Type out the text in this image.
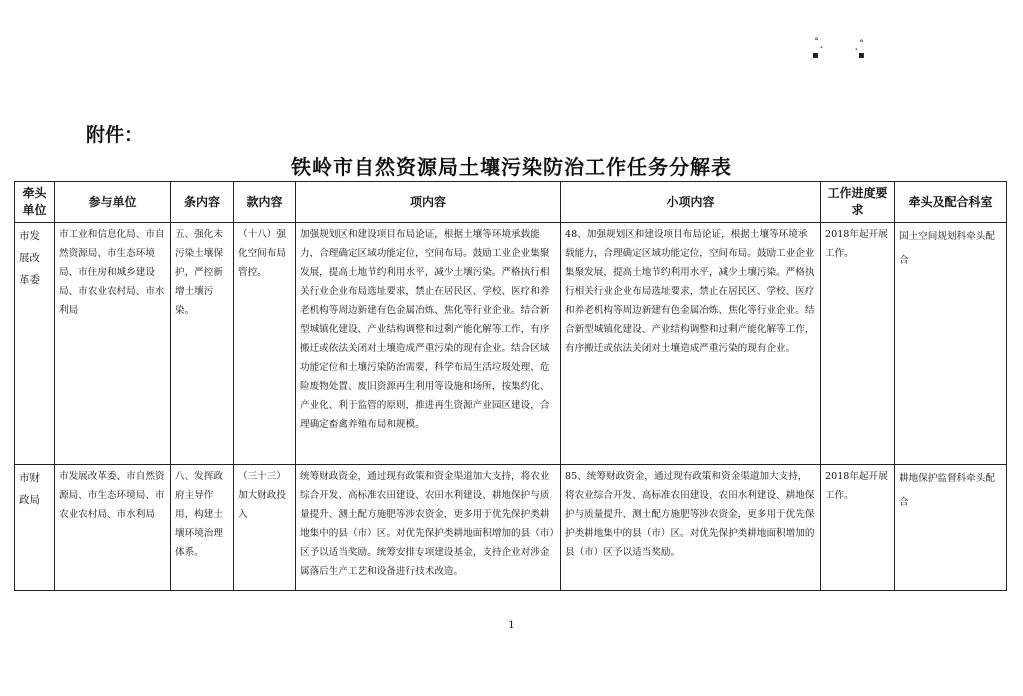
˚˛	˛˚
▪	▪
附件：
铁岭市自然资源局土壤污染防治工作任务分解表
牵头单位	参与单位	条内容	款内容	项内容	小项内容	工作进度要求	牵头及配合科室
市发展改革委	市工业和信息化局、市自然资源局、市生态环境局、市住房和城乡建设局、市农业农村局、市水利局	五、强化未污染土壤保护，严控新增土壤污染。	（十八）强化空间布局管控。	加强规划区和建设项目布局论证，根据土壤等环境承载能力，合理确定区域功能定位，空间布局。鼓励工业企业集聚发展，提高土地节约利用水平，减少土壤污染。严格执行相关行业企业布局选址要求，禁止在居民区、学校、医疗和养老机构等周边新建有色金属冶炼、焦化等行业企业。结合新型城镇化建设、产业结构调整和过剩产能化解等工作，有序搬迁或依法关闭对土壤造成严重污染的现有企业。结合区域功能定位和土壤污染防治需要，科学布局生活垃圾处理、危险废物处置、废旧资源再生利用等设施和场所，按集约化、产业化、利于监管的原则，推进再生资源产业园区建设，合理确定畜禽养殖布局和规模。	48、加强规划区和建设项目布局论证，根据土壤等环境承载能力，合理确定区域功能定位，空间布局。鼓励工业企业集聚发展，提高土地节约利用水平，减少土壤污染。严格执行相关行业企业布局选址要求，禁止在居民区、学校、医疗和养老机构等周边新建有色金属冶炼、焦化等行业企业。结合新型城镇化建设、产业结构调整和过剩产能化解等工作，有序搬迁或依法关闭对土壤造成严重污染的现有企业。	2018年起开展工作。	国土空间规划科牵头配合
市财政局	市发展改革委、市自然资源局、市生态环境局、市农业农村局、市水利局	八、发挥政府主导作用，构建土壤环境治理体系。	（三十三）加大财政投入	统筹财政资金，通过现有政策和资金渠道加大支持，将农业综合开发、高标准农田建设、农田水利建设、耕地保护与质量提升、测土配方施肥等涉农资金，更多用于优先保护类耕地集中的县（市）区。对优先保护类耕地面积增加的县（市）区予以适当奖励。统筹安排专项建设基金，支持企业对涉金属落后生产工艺和设备进行技术改造。	85、统筹财政资金，通过现有政策和资金渠道加大支持，将农业综合开发、高标准农田建设、农田水利建设、耕地保护与质量提升、测土配方施肥等涉农资金，更多用于优先保护类耕地集中的县（市）区。对优先保护类耕地面积增加的县（市）区予以适当奖励。	2018年起开展工作。	耕地保护监督科牵头配合
1
